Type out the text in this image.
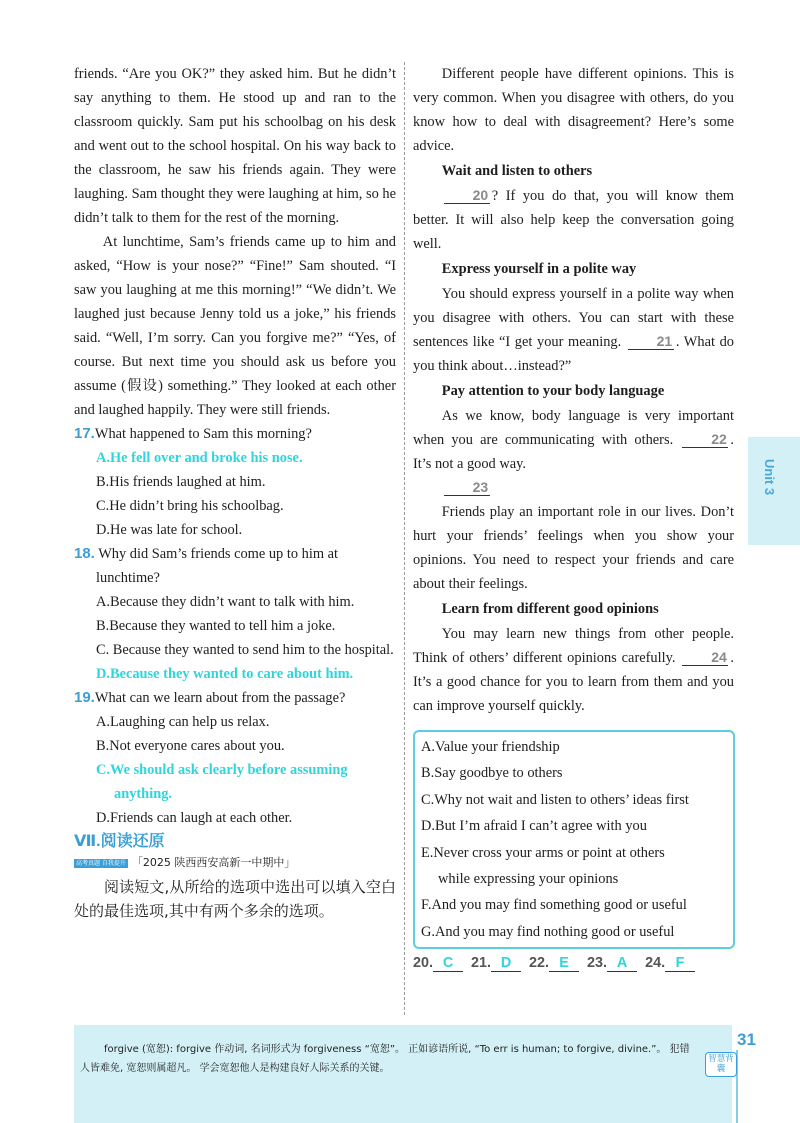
friends. “Are you OK?” they asked him. But he didn’t say anything to them. He stood up and ran to the classroom quickly. Sam put his schoolbag on his desk and went out to the school hospital. On his way back to the classroom, he saw his friends again. They were laughing. Sam thought they were laughing at him, so he didn’t talk to them for the rest of the morning.

At lunchtime, Sam’s friends came up to him and asked, “How is your nose?” “Fine!” Sam shouted. “I saw you laughing at me this morning!” “We didn’t. We laughed just because Jenny told us a joke,” his friends said. “Well, I’m sorry. Can you forgive me?” “Yes, of course. But next time you should ask us before you assume (假设) something.” They looked at each other and laughed happily. They were still friends.

17.What happened to Sam this morning?
A.He fell over and broke his nose.
B.His friends laughed at him.
C.He didn’t bring his schoolbag.
D.He was late for school.
18. Why did Sam’s friends come up to him at
lunchtime?
A.Because they didn’t want to talk with him.
B.Because they wanted to tell him a joke.
C. Because they wanted to send him to the hospital.
D.Because they wanted to care about him.
19.What can we learn about from the passage?
A.Laughing can help us relax.
B.Not everyone cares about you.
C.We should ask clearly before assuming anything.
D.Friends can laugh at each other.
Ⅶ.阅读还原
高考真题 自我提升 「2025 陕西西安高新一中期中」

阅读短文,从所给的选项中选出可以填入空白处的最佳选项,其中有两个多余的选项。

Different people have different opinions. This is very common. When you disagree with others, do you know how to deal with disagreement? Here’s some advice.

Wait and listen to others

20 ? If you do that, you will know them better. It will also help keep the conversation going well.

Express yourself in a polite way

You should express yourself in a polite way when you disagree with others. You can start with these sentences like “I get your meaning.	21 . What do you think about…instead?”

Pay attention to your body language

As we know, body language is very important when you are communicating with others.	22 . It’s not a good way.

23

Friends play an important role in our lives. Don’t hurt your friends’ feelings when you show your opinions. You need to respect your friends and care about their feelings.

Learn from different good opinions

You may learn new things from other people. Think of others’ different opinions carefully.	24 . It’s a good chance for you to learn from them and you can improve yourself quickly.

A.Value your friendship
B.Say goodbye to others
C.Why not wait and listen to others’ ideas first
D.But I’m afraid I can’t agree with you
E.Never cross your arms or point at others
while expressing your opinions
F.And you may find something good or useful
G.And you may find nothing good or useful
20. C	21. D	22. E	23. A	24. F
Unit 3
forgive (宽恕): forgive 作动词, 名词形式为 forgiveness “宽恕”。 正如谚语所说, “To err is human; to forgive, divine.”。 犯错人皆难免, 宽恕则属超凡。 学会宽恕他人是构建良好人际关系的关键。
31
智慧背囊
